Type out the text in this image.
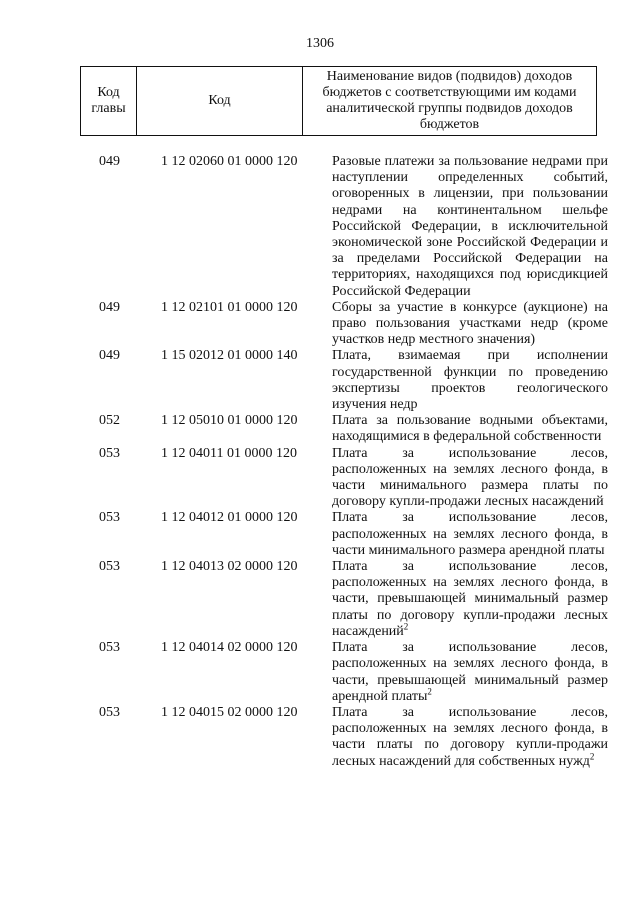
1306
Код главы	Код	Наименование видов (подвидов) доходов бюджетов с соответствующими им кодами аналитической группы подвидов доходов бюджетов
049	1 12 02060 01 0000 120	Разовые платежи за пользование недрами при наступлении определенных событий, оговоренных в лицензии, при пользовании недрами на континентальном шельфе Российской Федерации, в исключительной экономической зоне Российской Федерации и за пределами Российской Федерации на территориях, находящихся под юрисдикцией Российской Федерации
049	1 12 02101 01 0000 120	Сборы за участие в конкурсе (аукционе) на право пользования участками недр (кроме участков недр местного значения)
049	1 15 02012 01 0000 140	Плата, взимаемая при исполнении государственной функции по проведению экспертизы проектов геологического изучения недр
052	1 12 05010 01 0000 120	Плата за пользование водными объектами, находящимися в федеральной собственности
053	1 12 04011 01 0000 120	Плата за использование лесов, расположенных на землях лесного фонда, в части минимального размера платы по договору купли-продажи лесных насаждений
053	1 12 04012 01 0000 120	Плата за использование лесов, расположенных на землях лесного фонда, в части минимального размера арендной платы
053	1 12 04013 02 0000 120	Плата за использование лесов, расположенных на землях лесного фонда, в части, превышающей минимальный размер платы по договору купли-продажи лесных насаждений$^2$
053	1 12 04014 02 0000 120	Плата за использование лесов, расположенных на землях лесного фонда, в части, превышающей минимальный размер арендной платы$^2$
053	1 12 04015 02 0000 120	Плата за использование лесов, расположенных на землях лесного фонда, в части платы по договору купли-продажи лесных насаждений для собственных нужд$^2$
